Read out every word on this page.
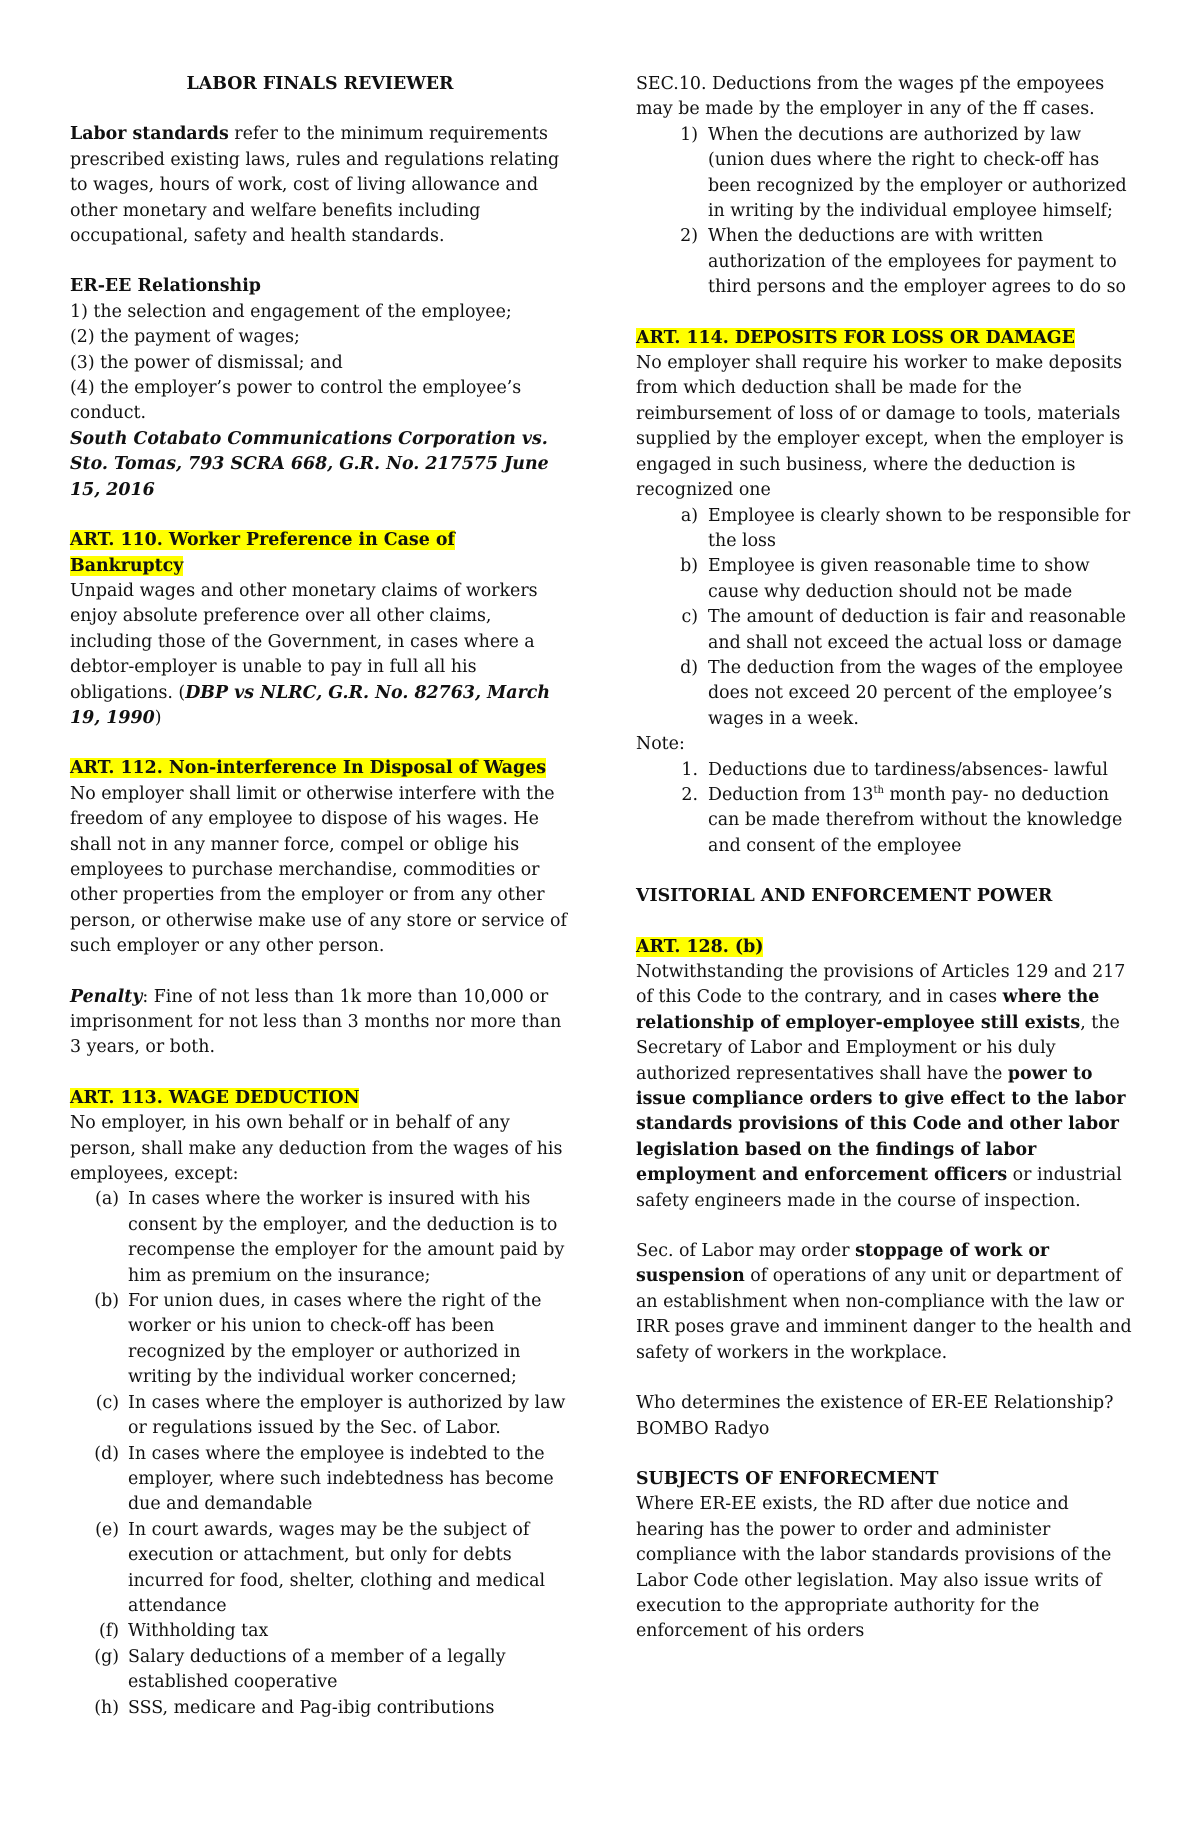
LABOR FINALS REVIEWER

Labor standards refer to the minimum requirements prescribed existing laws, rules and regulations relating to wages, hours of work, cost of living allowance and other monetary and welfare benefits including occupational, safety and health standards.

ER-EE Relationship

1) the selection and engagement of the employee;

(2) the payment of wages;

(3) the power of dismissal; and

(4) the employer’s power to control the employee’s conduct.

South Cotabato Communications Corporation vs. Sto. Tomas, 793 SCRA 668, G.R. No. 217575 June 15, 2016

ART. 110. Worker Preference in Case of Bankruptcy

Unpaid wages and other monetary claims of workers enjoy absolute preference over all other claims, including those of the Government, in cases where a debtor-employer is unable to pay in full all his obligations. (DBP vs NLRC, G.R. No. 82763, March 19, 1990)

ART. 112. Non-interference In Disposal of Wages

No employer shall limit or otherwise interfere with the freedom of any employee to dispose of his wages. He shall not in any manner force, compel or oblige his employees to purchase merchandise, commodities or other properties from the employer or from any other person, or otherwise make use of any store or service of such employer or any other person.

Penalty: Fine of not less than 1k more than 10,000 or imprisonment for not less than 3 months nor more than 3 years, or both.

ART. 113. WAGE DEDUCTION

No employer, in his own behalf or in behalf of any person, shall make any deduction from the wages of his employees, except:

(a) In cases where the worker is insured with his consent by the employer, and the deduction is to recompense the employer for the amount paid by him as premium on the insurance;
(b) For union dues, in cases where the right of the worker or his union to check-off has been recognized by the employer or authorized in writing by the individual worker concerned;
(c) In cases where the employer is authorized by law or regulations issued by the Sec. of Labor.
(d) In cases where the employee is indebted to the employer, where such indebtedness has become due and demandable
(e) In court awards, wages may be the subject of execution or attachment, but only for debts incurred for food, shelter, clothing and medical attendance
(f) Withholding tax
(g) Salary deductions of a member of a legally established cooperative
(h) SSS, medicare and Pag-ibig contributions

SEC.10. Deductions from the wages pf the empoyees may be made by the employer in any of the ff cases.

1) When the decutions are authorized by law (union dues where the right to check-off has been recognized by the employer or authorized in writing by the individual employee himself;
2) When the deductions are with written authorization of the employees for payment to third persons and the employer agrees to do so

ART. 114. DEPOSITS FOR LOSS OR DAMAGE

No employer shall require his worker to make deposits from which deduction shall be made for the reimbursement of loss of or damage to tools, materials supplied by the employer except, when the employer is engaged in such business, where the deduction is recognized one

a) Employee is clearly shown to be responsible for the loss
b) Employee is given reasonable time to show cause why deduction should not be made
c) The amount of deduction is fair and reasonable and shall not exceed the actual loss or damage
d) The deduction from the wages of the employee does not exceed 20 percent of the employee’s wages in a week.

Note:

1. Deductions due to tardiness/absences- lawful
2. Deduction from 13th month pay- no deduction can be made therefrom without the knowledge and consent of the employee

VISITORIAL AND ENFORCEMENT POWER

ART. 128. (b)

Notwithstanding the provisions of Articles 129 and 217 of this Code to the contrary, and in cases where the relationship of employer-employee still exists, the Secretary of Labor and Employment or his duly authorized representatives shall have the power to issue compliance orders to give effect to the labor standards provisions of this Code and other labor legislation based on the findings of labor employment and enforcement officers or industrial safety engineers made in the course of inspection.

Sec. of Labor may order stoppage of work or suspension of operations of any unit or department of an establishment when non-compliance with the law or IRR poses grave and imminent danger to the health and safety of workers in the workplace.

Who determines the existence of ER-EE Relationship?

BOMBO Radyo

SUBJECTS OF ENFORECMENT

Where ER-EE exists, the RD after due notice and hearing has the power to order and administer compliance with the labor standards provisions of the Labor Code other legislation. May also issue writs of execution to the appropriate authority for the enforcement of his orders
